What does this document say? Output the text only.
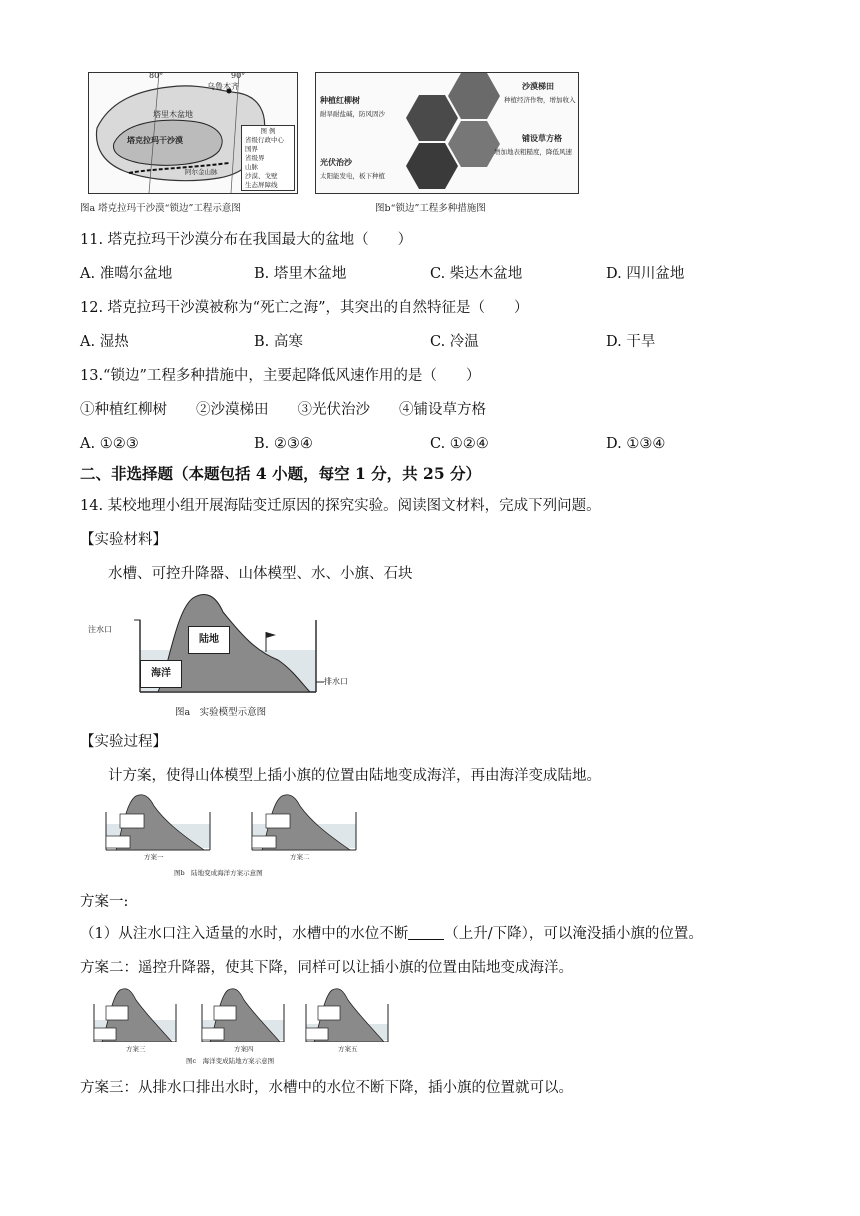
80°	90°
乌鲁木齐
塔里木盆地
塔克拉玛干沙漠
阿尔金山脉
图 例
省级行政中心
国界
省级界
山脉
沙漠、戈壁
生态屏障线
图a 塔克拉玛干沙漠“锁边”工程示意图
种植红柳树
耐旱耐盐碱，防风固沙
沙漠梯田
种植经济作物，增加收入
光伏治沙
太阳能发电，板下种植
铺设草方格
增加地表粗糙度，降低风速
图b“锁边”工程多种措施图
11. 塔克拉玛干沙漠分布在我国最大的盆地（　　）
A. 准噶尔盆地	B. 塔里木盆地	C. 柴达木盆地	D. 四川盆地
12. 塔克拉玛干沙漠被称为“死亡之海”，其突出的自然特征是（　　）
A. 湿热	B. 高寒	C. 冷温	D. 干旱
13.“锁边”工程多种措施中，主要起降低风速作用的是（　　）
①种植红柳树　　②沙漠梯田　　③光伏治沙　　④铺设草方格
A. ①②③	B. ②③④	C. ①②④	D. ①③④
二、非选择题（本题包括 4 小题，每空 1 分，共 25 分）
14. 某校地理小组开展海陆变迁原因的探究实验。阅读图文材料，完成下列问题。
【实验材料】
水槽、可控升降器、山体模型、水、小旗、石块
注水口
陆地
海洋
排水口
图a　实验模型示意图
【实验过程】
计方案，使得山体模型上插小旗的位置由陆地变成海洋，再由海洋变成陆地。
方案一	方案二
图b　陆地变成海洋方案示意图
方案一:
（1）从注水口注入适量的水时，水槽中的水位不断 （上升/下降），可以淹没插小旗的位置。
方案二：遥控升降器，使其下降，同样可以让插小旗的位置由陆地变成海洋。
方案三	方案四	方案五
图c　海洋变成陆地方案示意图
方案三：从排水口排出水时，水槽中的水位不断下降，插小旗的位置就可以。
